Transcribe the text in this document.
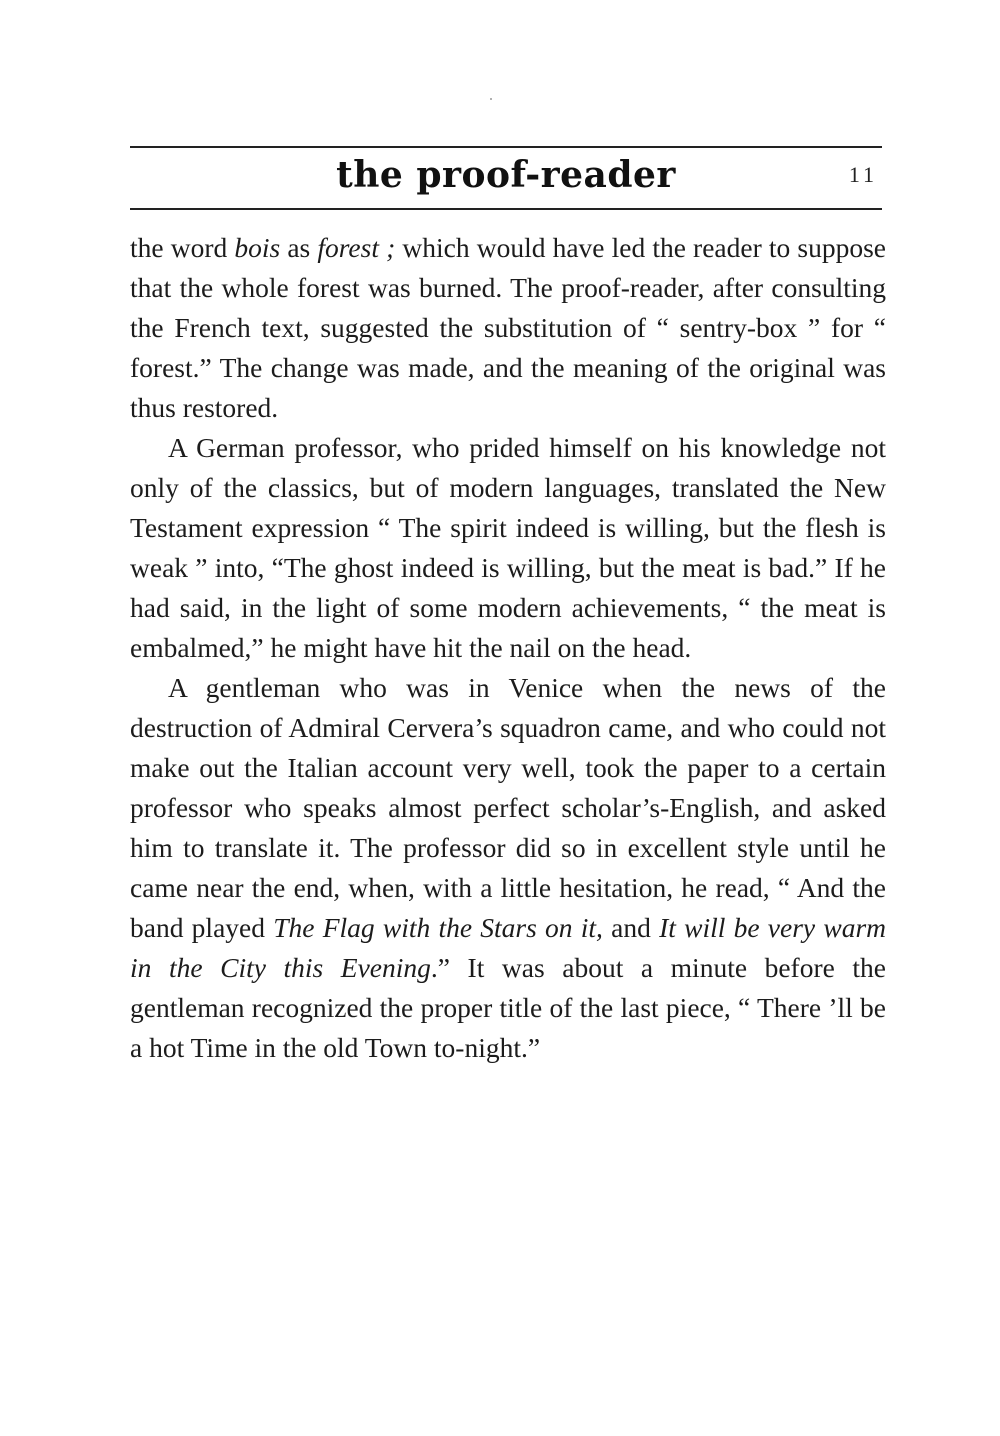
the proof-reader	11

the word bois as forest ; which would have led the reader to suppose that the whole forest was burned. The proof-reader, after consulting the French text, suggested the substitution of “ sentry-box ” for “ forest.” The change was made, and the meaning of the original was thus restored.

A German professor, who prided himself on his knowledge not only of the classics, but of modern languages, translated the New Testament expression “ The spirit indeed is willing, but the flesh is weak ” into, “The ghost indeed is willing, but the meat is bad.” If he had said, in the light of some modern achievements, “ the meat is embalmed,” he might have hit the nail on the head.

A gentleman who was in Venice when the news of the destruction of Admiral Cervera’s squadron came, and who could not make out the Italian account very well, took the paper to a certain professor who speaks almost perfect scholar’s-English, and asked him to translate it. The professor did so in excellent style until he came near the end, when, with a little hesitation, he read, “ And the band played The Flag with the Stars on it, and It will be very warm in the City this Evening.” It was about a minute before the gentleman recognized the proper title of the last piece, “ There ’ll be a hot Time in the old Town to-night.”
